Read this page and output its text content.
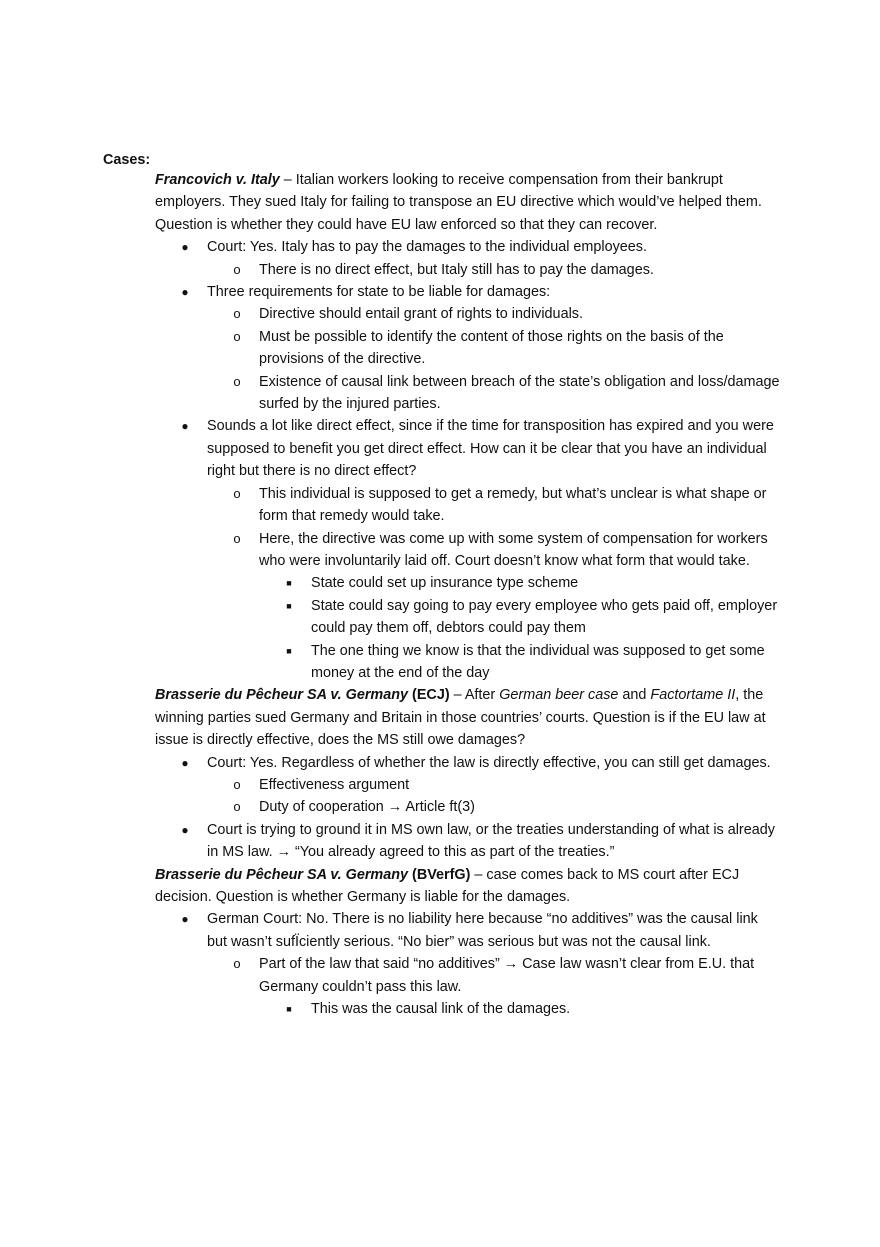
Cases:

Francovich v. Italy – Italian workers looking to receive compensation from their bankrupt employers. They sued Italy for failing to transpose an EU directive which would’ve helped them. Question is whether they could have EU law enforced so that they can recover.

●	Court: Yes. Italy has to pay the damages to the individual employees.
o	There is no direct effect, but Italy still has to pay the damages.
●	Three requirements for state to be liable for damages:
o	Directive should entail grant of rights to individuals.
o	Must be possible to identify the content of those rights on the basis of the provisions of the directive.
o	Existence of causal link between breach of the state’s obligation and loss/damage surfed by the injured parties.
●	Sounds a lot like direct effect, since if the time for transposition has expired and you were supposed to benefit you get direct effect. How can it be clear that you have an individual right but there is no direct effect?
o	This individual is supposed to get a remedy, but what’s unclear is what shape or form that remedy would take.
o	Here, the directive was come up with some system of compensation for workers who were involuntarily laid off. Court doesn’t know what form that would take.
■	State could set up insurance type scheme
■	State could say going to pay every employee who gets paid off, employer could pay them off, debtors could pay them
■	The one thing we know is that the individual was supposed to get some money at the end of the day

Brasserie du Pêcheur SA v. Germany (ECJ) – After German beer case and Factortame II, the winning parties sued Germany and Britain in those countries’ courts. Question is if the EU law at issue is directly effective, does the MS still owe damages?

●	Court: Yes. Regardless of whether the law is directly effective, you can still get damages.
o	Effectiveness argument
o	Duty of cooperation → Article ft(3)
●	Court is trying to ground it in MS own law, or the treaties understanding of what is already in MS law. → “You already agreed to this as part of the treaties.”

Brasserie du Pêcheur SA v. Germany (BVerfG) – case comes back to MS court after ECJ decision. Question is whether Germany is liable for the damages.

●	German Court: No. There is no liability here because “no additives” was the causal link but wasn’t sufÏciently serious. “No bier” was serious but was not the causal link.
o	Part of the law that said “no additives” → Case law wasn’t clear from E.U. that Germany couldn’t pass this law.
■	This was the causal link of the damages.
